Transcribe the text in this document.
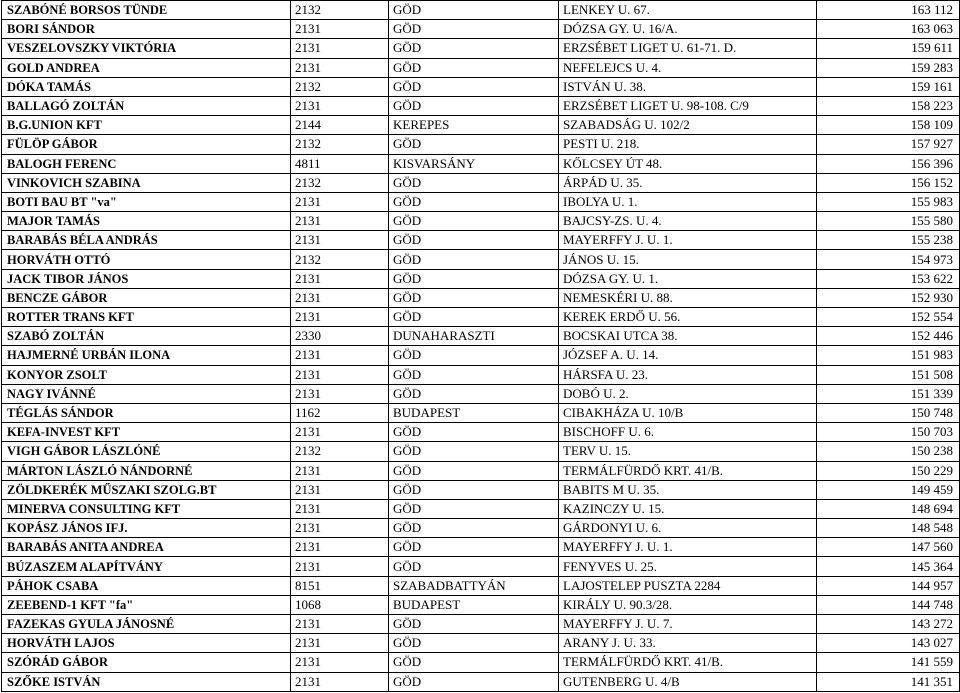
SZABÓNÉ BORSOS TÜNDE	2132	GÖD	LENKEY U. 67.	163 112
BORI SÁNDOR	2131	GÖD	DÓZSA GY. U. 16/A.	163 063
VESZELOVSZKY VIKTÓRIA	2131	GÖD	ERZSÉBET LIGET U. 61-71. D.	159 611
GOLD ANDREA	2131	GÖD	NEFELEJCS U. 4.	159 283
DÓKA TAMÁS	2132	GÖD	ISTVÁN U. 38.	159 161
BALLAGÓ ZOLTÁN	2131	GÖD	ERZSÉBET LIGET U. 98-108. C/9	158 223
B.G.UNION KFT	2144	KEREPES	SZABADSÁG U. 102/2	158 109
FÜLÖP GÁBOR	2132	GÖD	PESTI U. 218.	157 927
BALOGH FERENC	4811	KISVARSÁNY	KŐLCSEY ÚT 48.	156 396
VINKOVICH SZABINA	2132	GÖD	ÁRPÁD U. 35.	156 152
BOTI BAU BT "va"	2131	GÖD	IBOLYA U. 1.	155 983
MAJOR TAMÁS	2131	GÖD	BAJCSY-ZS. U. 4.	155 580
BARABÁS BÉLA ANDRÁS	2131	GÖD	MAYERFFY J. U. 1.	155 238
HORVÁTH OTTÓ	2132	GÖD	JÁNOS U. 15.	154 973
JACK TIBOR JÁNOS	2131	GÖD	DÓZSA GY. U. 1.	153 622
BENCZE GÁBOR	2131	GÖD	NEMESKÉRI U. 88.	152 930
ROTTER TRANS KFT	2131	GÖD	KEREK ERDŐ U. 56.	152 554
SZABÓ ZOLTÁN	2330	DUNAHARASZTI	BOCSKAI UTCA 38.	152 446
HAJMERNÉ URBÁN ILONA	2131	GÖD	JÓZSEF A. U. 14.	151 983
KONYOR ZSOLT	2131	GÖD	HÁRSFA U. 23.	151 508
NAGY IVÁNNÉ	2131	GÖD	DOBÓ U. 2.	151 339
TÉGLÁS SÁNDOR	1162	BUDAPEST	CIBAKHÁZA U. 10/B	150 748
KEFA-INVEST KFT	2131	GÖD	BISCHOFF U. 6.	150 703
VIGH GÁBOR LÁSZLÓNÉ	2132	GÖD	TERV U. 15.	150 238
MÁRTON LÁSZLÓ NÁNDORNÉ	2131	GÖD	TERMÁLFÜRDŐ KRT. 41/B.	150 229
ZÖLDKERÉK MŰSZAKI SZOLG.BT	2131	GÖD	BABITS M U. 35.	149 459
MINERVA CONSULTING KFT	2131	GÖD	KAZINCZY U. 15.	148 694
KOPÁSZ JÁNOS IFJ.	2131	GÖD	GÁRDONYI U. 6.	148 548
BARABÁS ANITA ANDREA	2131	GÖD	MAYERFFY J. U. 1.	147 560
BÚZASZEM ALAPÍTVÁNY	2131	GÖD	FENYVES U. 25.	145 364
PÁHOK CSABA	8151	SZABADBATTYÁN	LAJOSTELEP PUSZTA 2284	144 957
ZEEBEND-1 KFT "fa"	1068	BUDAPEST	KIRÁLY U. 90.3/28.	144 748
FAZEKAS GYULA JÁNOSNÉ	2131	GÖD	MAYERFFY J. U. 7.	143 272
HORVÁTH LAJOS	2131	GÖD	ARANY J. U. 33.	143 027
SZÓRÁD GÁBOR	2131	GÖD	TERMÁLFÜRDŐ KRT. 41/B.	141 559
SZŐKE ISTVÁN	2131	GÖD	GUTENBERG U. 4/B	141 351
